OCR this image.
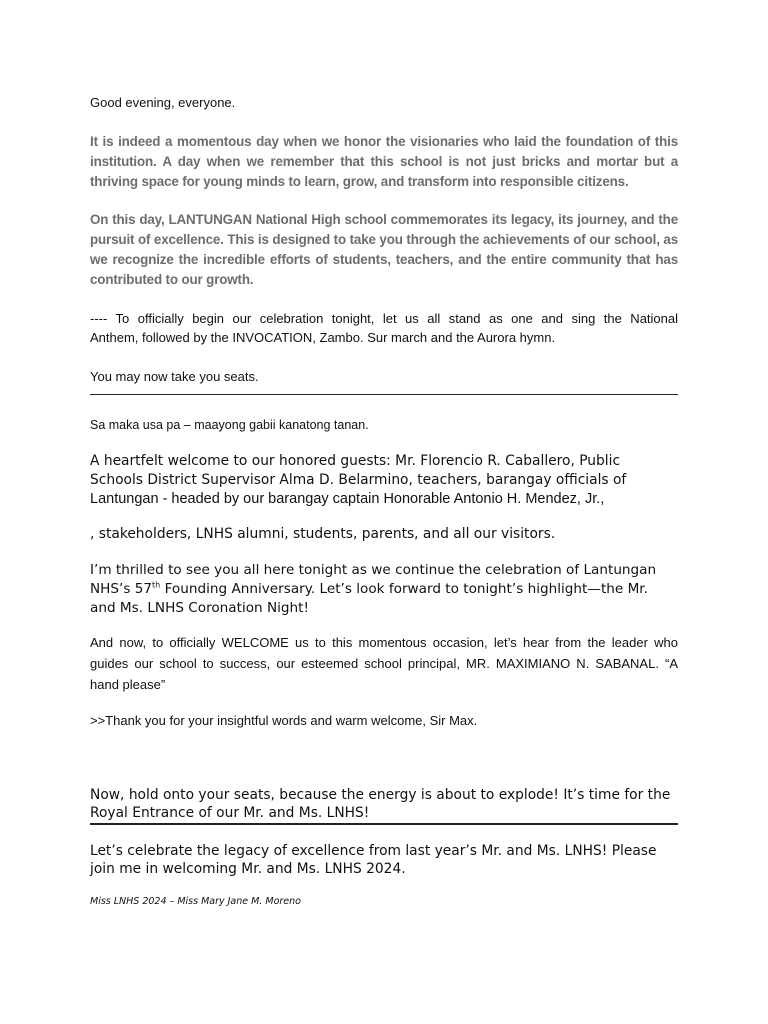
Good evening, everyone.
It is indeed a momentous day when we honor the visionaries who laid the foundation of this
institution. A day when we remember that this school is not just bricks and mortar but a
thriving space for young minds to learn, grow, and transform into responsible citizens.
On this day, LANTUNGAN National High school commemorates its legacy, its journey, and the
pursuit of excellence. This is designed to take you through the achievements of our school, as
we recognize the incredible efforts of students, teachers, and the entire community that has
contributed to our growth.
---- To officially begin our celebration tonight, let us all stand as one and sing the National
Anthem, followed by the INVOCATION, Zambo. Sur march and the Aurora hymn.
You may now take you seats.
Sa maka usa pa – maayong gabii kanatong tanan.
A heartfelt welcome to our honored guests: Mr. Florencio R. Caballero, Public
Schools District Supervisor Alma D. Belarmino, teachers, barangay officials of
Lantungan - headed by our barangay captain Honorable Antonio H. Mendez, Jr.,
, stakeholders, LNHS alumni, students, parents, and all our visitors.
I’m thrilled to see you all here tonight as we continue the celebration of Lantungan
NHS’s 57th Founding Anniversary. Let’s look forward to tonight’s highlight—the Mr.
and Ms. LNHS Coronation Night!
And now, to officially WELCOME us to this momentous occasion, let’s hear from the leader who
guides our school to success, our esteemed school principal, MR. MAXIMIANO N. SABANAL. “A
hand please”
>>Thank you for your insightful words and warm welcome, Sir Max.
Now, hold onto your seats, because the energy is about to explode! It’s time for the
Royal Entrance of our Mr. and Ms. LNHS!
Let’s celebrate the legacy of excellence from last year’s Mr. and Ms. LNHS! Please
join me in welcoming Mr. and Ms. LNHS 2024.
Miss LNHS 2024 – Miss Mary Jane M. Moreno
